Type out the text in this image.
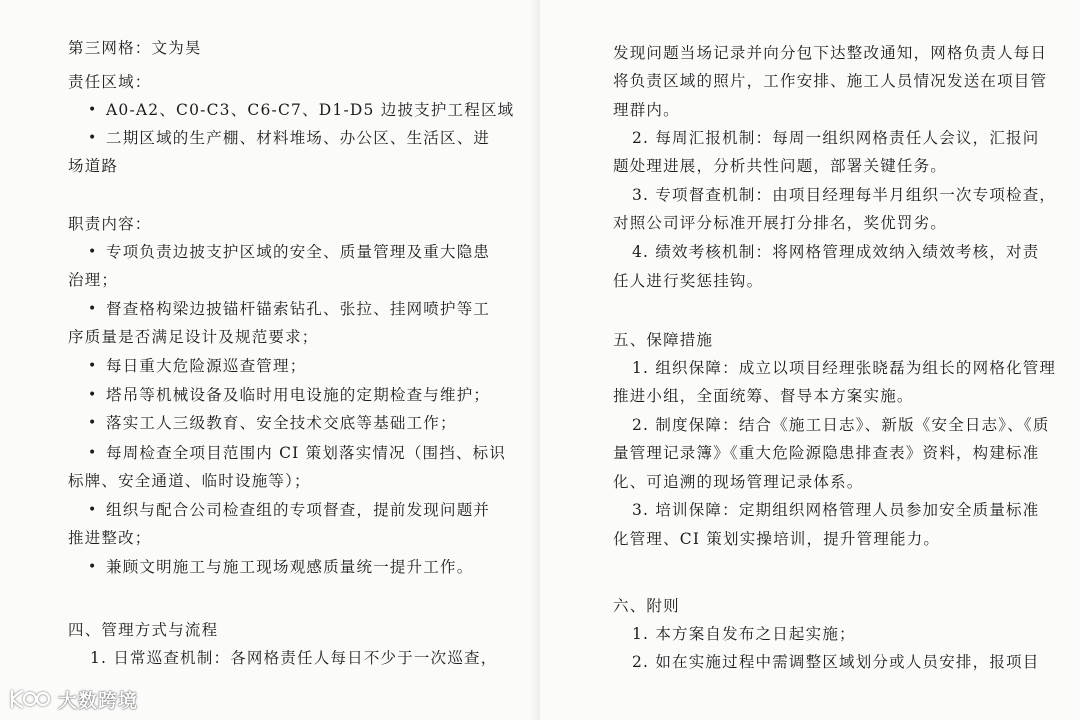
第三网格：文为昊
责任区域：
• A0-A2、C0-C3、C6-C7、D1-D5 边披支护工程区域
• 二期区域的生产棚、材料堆场、办公区、生活区、进
场道路
职责内容：
• 专项负责边披支护区域的安全、质量管理及重大隐患
治理；
• 督查格构梁边披锚杆锚索钻孔、张拉、挂网喷护等工
序质量是否满足设计及规范要求；
• 每日重大危险源巡查管理；
• 塔吊等机械设备及临时用电设施的定期检查与维护；
• 落实工人三级教育、安全技术交底等基础工作；
• 每周检查全项目范围内 CI 策划落实情况（围挡、标识
标牌、安全通道、临时设施等）；
• 组织与配合公司检查组的专项督查，提前发现问题并
推进整改；
• 兼顾文明施工与施工现场观感质量统一提升工作。
四、管理方式与流程
1. 日常巡查机制：各网格责任人每日不少于一次巡查，
发现问题当场记录并向分包下达整改通知，网格负责人每日
将负责区域的照片，工作安排、施工人员情况发送在项目管
理群内。
2. 每周汇报机制：每周一组织网格责任人会议，汇报问
题处理进展，分析共性问题，部署关键任务。
3. 专项督查机制：由项目经理每半月组织一次专项检查，
对照公司评分标准开展打分排名，奖优罚劣。
4. 绩效考核机制：将网格管理成效纳入绩效考核，对责
任人进行奖惩挂钩。
五、保障措施
1. 组织保障：成立以项目经理张晓磊为组长的网格化管理
推进小组，全面统筹、督导本方案实施。
2. 制度保障：结合《施工日志》、新版《安全日志》、《质
量管理记录簿》《重大危险源隐患排查表》资料，构建标准
化、可追溯的现场管理记录体系。
3. 培训保障：定期组织网格管理人员参加安全质量标准
化管理、CI 策划实操培训，提升管理能力。
六、附则
1. 本方案自发布之日起实施；
2. 如在实施过程中需调整区域划分或人员安排，报项目
大数跨境
